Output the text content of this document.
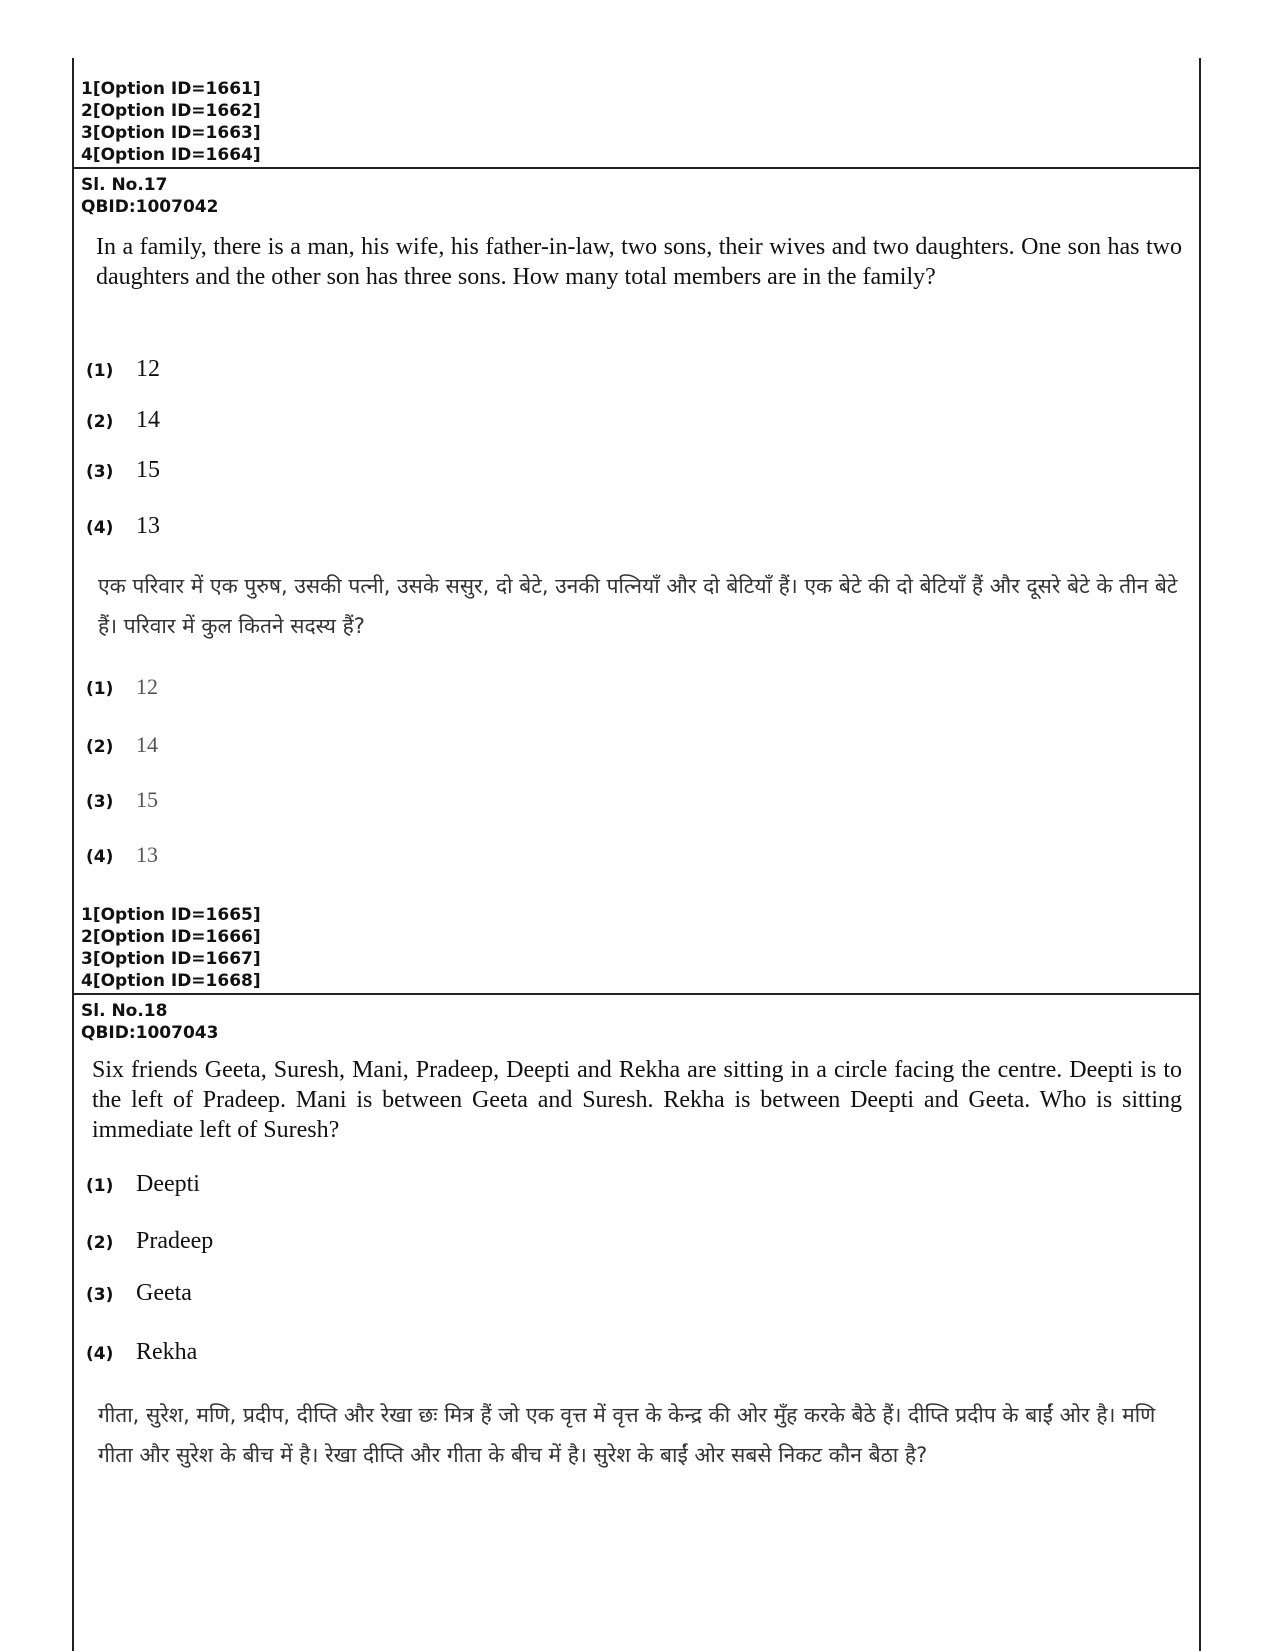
1[Option ID=1661]
2[Option ID=1662]
3[Option ID=1663]
4[Option ID=1664]
Sl. No.17
QBID:1007042
In a family, there is a man, his wife, his father-in-law, two sons, their wives and two daughters. One son has two daughters and the other son has three sons. How many total members are in the family?
(1) 12
(2) 14
(3) 15
(4) 13
एक परिवार में एक पुरुष, उसकी पत्नी, उसके ससुर, दो बेटे, उनकी पत्नियाँ और दो बेटियाँ हैं। एक बेटे की दो बेटियाँ हैं और दूसरे बेटे के तीन बेटे हैं। परिवार में कुल कितने सदस्य हैं?
(1) 12
(2) 14
(3) 15
(4) 13
1[Option ID=1665]
2[Option ID=1666]
3[Option ID=1667]
4[Option ID=1668]
Sl. No.18
QBID:1007043
Six friends Geeta, Suresh, Mani, Pradeep, Deepti and Rekha are sitting in a circle facing the centre. Deepti is to the left of Pradeep. Mani is between Geeta and Suresh. Rekha is between Deepti and Geeta. Who is sitting immediate left of Suresh?
(1) Deepti
(2) Pradeep
(3) Geeta
(4) Rekha
गीता, सुरेश, मणि, प्रदीप, दीप्ति और रेखा छः मित्र हैं जो एक वृत्त में वृत्त के केन्द्र की ओर मुँह करके बैठे हैं। दीप्ति प्रदीप के बाईं ओर है। मणि गीता और सुरेश के बीच में है। रेखा दीप्ति और गीता के बीच में है। सुरेश के बाईं ओर सबसे निकट कौन बैठा है?
